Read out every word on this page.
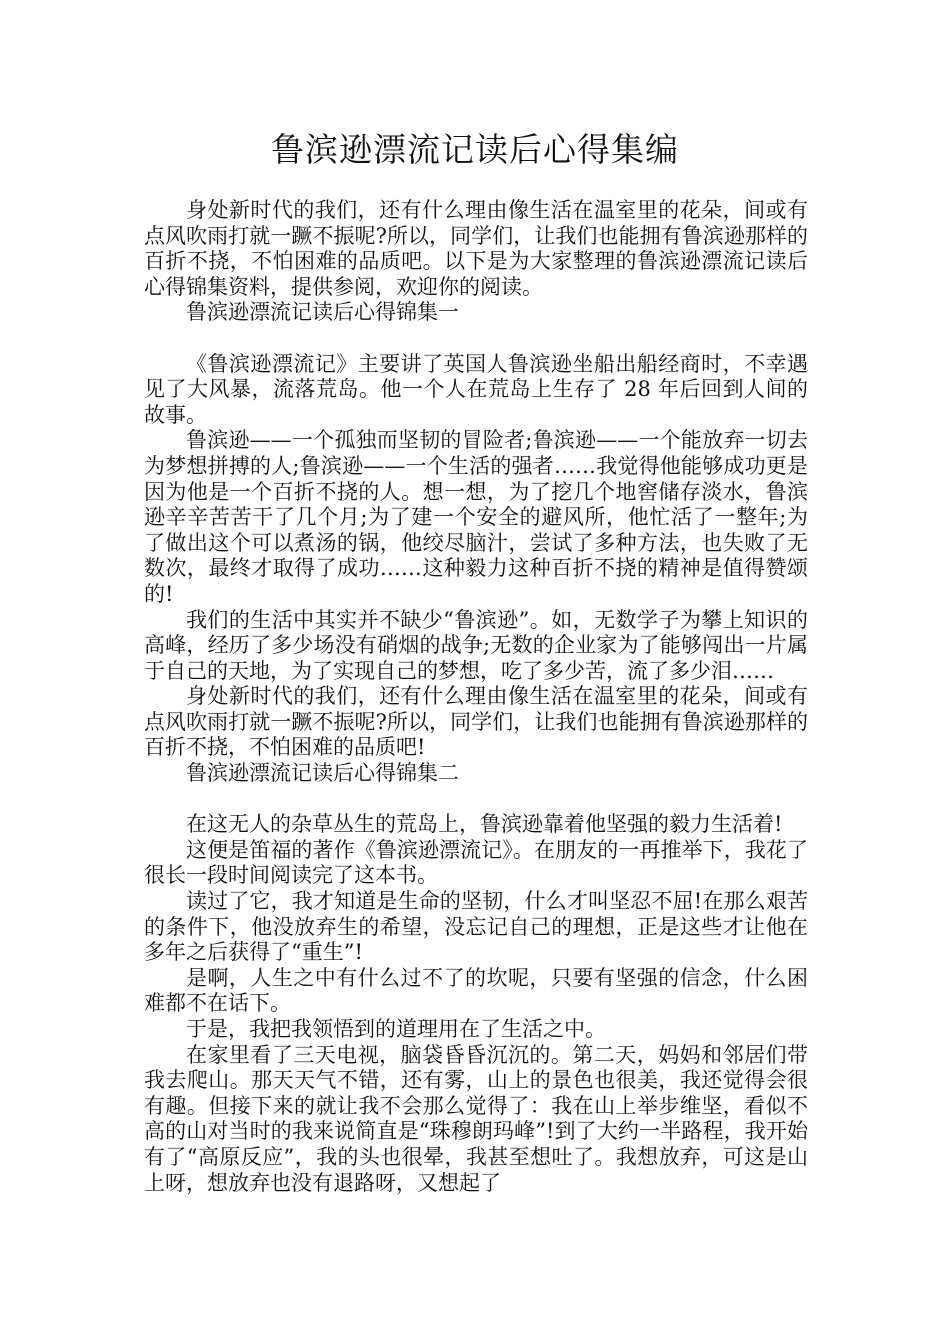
鲁滨逊漂流记读后心得集编

身处新时代的我们，还有什么理由像生活在温室里的花朵，间或有点风吹雨打就一蹶不振呢?所以，同学们，让我们也能拥有鲁滨逊那样的百折不挠，不怕困难的品质吧。以下是为大家整理的鲁滨逊漂流记读后心得锦集资料，提供参阅，欢迎你的阅读。

鲁滨逊漂流记读后心得锦集一

《鲁滨逊漂流记》主要讲了英国人鲁滨逊坐船出船经商时，不幸遇见了大风暴，流落荒岛。他一个人在荒岛上生存了 28 年后回到人间的故事。

鲁滨逊——一个孤独而坚韧的冒险者;鲁滨逊——一个能放弃一切去为梦想拼搏的人;鲁滨逊——一个生活的强者……我觉得他能够成功更是因为他是一个百折不挠的人。想一想，为了挖几个地窖储存淡水，鲁滨逊辛辛苦苦干了几个月;为了建一个安全的避风所，他忙活了一整年;为了做出这个可以煮汤的锅，他绞尽脑汁，尝试了多种方法，也失败了无数次，最终才取得了成功……这种毅力这种百折不挠的精神是值得赞颂的!

我们的生活中其实并不缺少“鲁滨逊”。如，无数学子为攀上知识的高峰，经历了多少场没有硝烟的战争;无数的企业家为了能够闯出一片属于自己的天地，为了实现自己的梦想，吃了多少苦，流了多少泪……

身处新时代的我们，还有什么理由像生活在温室里的花朵，间或有点风吹雨打就一蹶不振呢?所以，同学们，让我们也能拥有鲁滨逊那样的百折不挠，不怕困难的品质吧!

鲁滨逊漂流记读后心得锦集二

在这无人的杂草丛生的荒岛上，鲁滨逊靠着他坚强的毅力生活着!

这便是笛福的著作《鲁滨逊漂流记》。在朋友的一再推举下，我花了很长一段时间阅读完了这本书。

读过了它，我才知道是生命的坚韧，什么才叫坚忍不屈!在那么艰苦的条件下，他没放弃生的希望，没忘记自己的理想，正是这些才让他在多年之后获得了“重生”!

是啊，人生之中有什么过不了的坎呢，只要有坚强的信念，什么困难都不在话下。

于是，我把我领悟到的道理用在了生活之中。

在家里看了三天电视，脑袋昏昏沉沉的。第二天，妈妈和邻居们带我去爬山。那天天气不错，还有雾，山上的景色也很美，我还觉得会很有趣。但接下来的就让我不会那么觉得了：我在山上举步维坚，看似不高的山对当时的我来说简直是“珠穆朗玛峰”!到了大约一半路程，我开始有了“高原反应”，我的头也很晕，我甚至想吐了。我想放弃，可这是山上呀，想放弃也没有退路呀，又想起了
